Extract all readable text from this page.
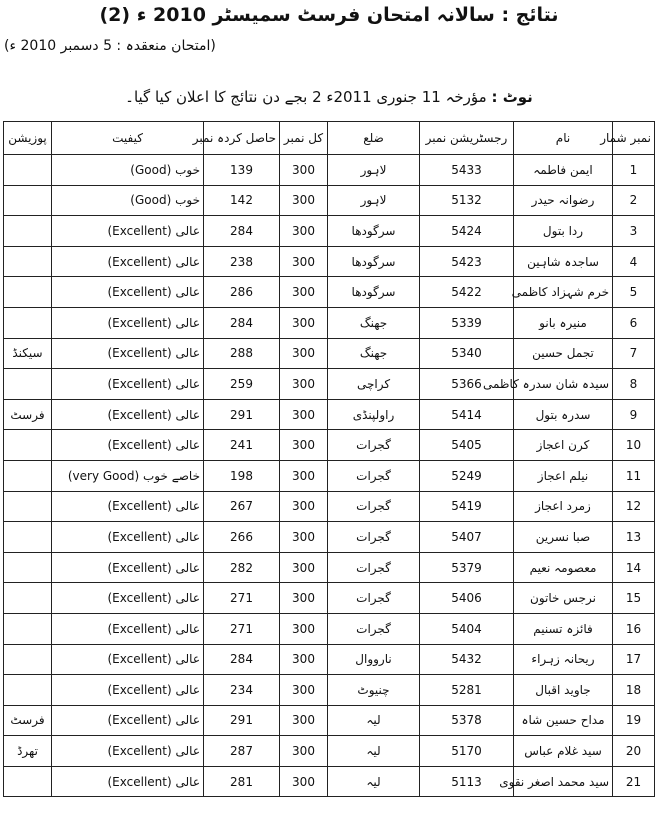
نتائج : سالانہ امتحان فرسٹ سمیسٹر 2010 ء (2)
(امتحان منعقدہ : 5 دسمبر 2010 ء)
نوٹ : مؤرخہ 11 جنوری 2011ء 2 بجے دن نتائج کا اعلان کیا گیا۔
نمبر شمار	نام	رجسٹریشن نمبر	ضلع	کل نمبر	حاصل کردہ نمبر	کیفیت	پوزیشن
1	ایمن فاطمہ	5433	لاہور	300	139	خوب (Good)	
2	رضوانہ حیدر	5132	لاہور	300	142	خوب (Good)	
3	ردا بتول	5424	سرگودھا	300	284	عالی (Excellent)	
4	ساجدہ شاہین	5423	سرگودھا	300	238	عالی (Excellent)	
5	خرم شہزاد کاظمی	5422	سرگودھا	300	286	عالی (Excellent)	
6	منیرہ بانو	5339	جھنگ	300	284	عالی (Excellent)	
7	تجمل حسین	5340	جھنگ	300	288	عالی (Excellent)	سیکنڈ
8	سیدہ شان سدرہ کاظمی	5366	کراچی	300	259	عالی (Excellent)	
9	سدرہ بتول	5414	راولپنڈی	300	291	عالی (Excellent)	فرسٹ
10	کرن اعجاز	5405	گجرات	300	241	عالی (Excellent)	
11	نیلم اعجاز	5249	گجرات	300	198	خاصے خوب (very Good)	
12	زمرد اعجاز	5419	گجرات	300	267	عالی (Excellent)	
13	صبا نسرین	5407	گجرات	300	266	عالی (Excellent)	
14	معصومہ نعیم	5379	گجرات	300	282	عالی (Excellent)	
15	نرجس خاتون	5406	گجرات	300	271	عالی (Excellent)	
16	فائزہ تسنیم	5404	گجرات	300	271	عالی (Excellent)	
17	ریحانہ زہراء	5432	نارووال	300	284	عالی (Excellent)	
18	جاوید اقبال	5281	چنیوٹ	300	234	عالی (Excellent)	
19	مداح حسین شاہ	5378	لیہ	300	291	عالی (Excellent)	فرسٹ
20	سید غلام عباس	5170	لیہ	300	287	عالی (Excellent)	تھرڈ
21	سید محمد اصغر نقوی	5113	لیہ	300	281	عالی (Excellent)	
